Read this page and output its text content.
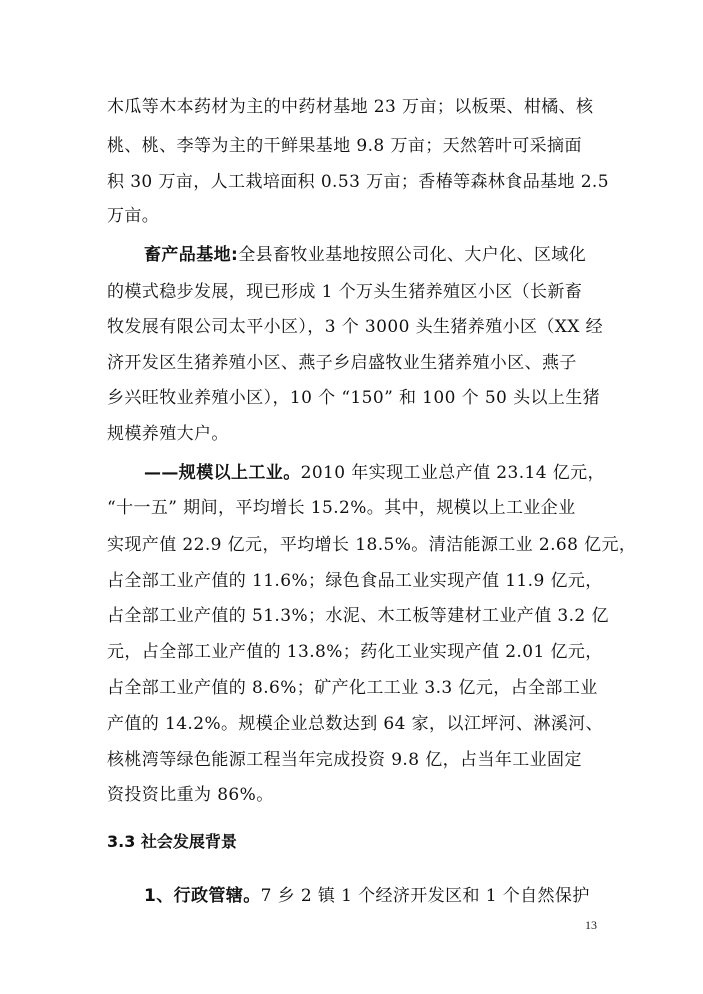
木瓜等木本药材为主的中药材基地 23 万亩；以板栗、柑橘、核
桃、桃、李等为主的干鲜果基地 9.8 万亩；天然箬叶可采摘面
积 30 万亩，人工栽培面积 0.53 万亩；香椿等森林食品基地 2.5
万亩。
畜产品基地:全县畜牧业基地按照公司化、大户化、区域化
的模式稳步发展，现已形成 1 个万头生猪养殖区小区（长新畜
牧发展有限公司太平小区），3 个 3000 头生猪养殖小区（XX 经
济开发区生猪养殖小区、燕子乡启盛牧业生猪养殖小区、燕子
乡兴旺牧业养殖小区），10 个 “150” 和 100 个 50 头以上生猪
规模养殖大户。
——规模以上工业。2010 年实现工业总产值 23.14 亿元，
“十一五” 期间，平均增长 15.2%。其中，规模以上工业企业
实现产值 22.9 亿元，平均增长 18.5%。清洁能源工业 2.68 亿元，
占全部工业产值的 11.6%；绿色食品工业实现产值 11.9 亿元，
占全部工业产值的 51.3%；水泥、木工板等建材工业产值 3.2 亿
元，占全部工业产值的 13.8%；药化工业实现产值 2.01 亿元，
占全部工业产值的 8.6%；矿产化工工业 3.3 亿元，占全部工业
产值的 14.2%。规模企业总数达到 64 家，以江坪河、淋溪河、
核桃湾等绿色能源工程当年完成投资 9.8 亿，占当年工业固定
资投资比重为 86%。
3.3 社会发展背景
1、行政管辖。7 乡 2 镇 1 个经济开发区和 1 个自然保护
13
